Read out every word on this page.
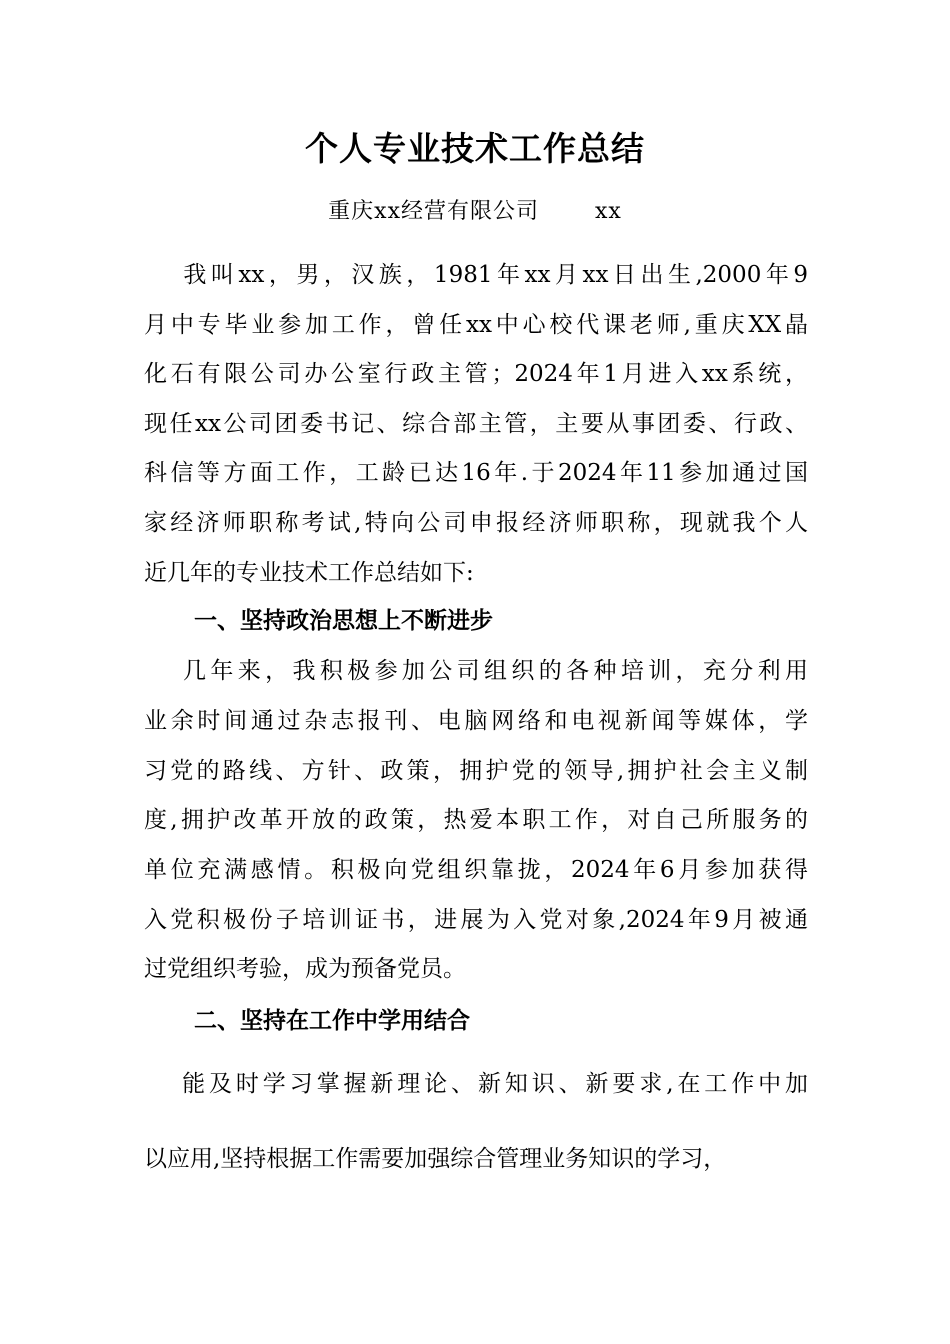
个人专业技术工作总结
重庆xx经营有限公司	xx
　 我叫xx，男，汉族，1981年xx月xx日出生,2000年9
月中专毕业参加工作，曾任xx中心校代课老师,重庆XX晶
化石有限公司办公室行政主管；2024年1月进入xx系统，
现任xx公司团委书记、综合部主管，主要从事团委、行政、
科信等方面工作，工龄已达16年.于2024年11参加通过国
家经济师职称考试,特向公司申报经济师职称，现就我个人
近几年的专业技术工作总结如下:
一、坚持政治思想上不断进步
　 几年来，我积极参加公司组织的各种培训，充分利用
业余时间通过杂志报刊、电脑网络和电视新闻等媒体，学
习党的路线、方针、政策，拥护党的领导,拥护社会主义制
度,拥护改革开放的政策，热爱本职工作，对自己所服务的
单位充满感情。积极向党组织靠拢，2024年6月参加获得
入党积极份子培训证书，进展为入党对象,2024年9月被通
过党组织考验，成为预备党员。
二、坚持在工作中学用结合
　 能及时学习掌握新理论、新知识、新要求,在工作中加
以应用,坚持根据工作需要加强综合管理业务知识的学习，
